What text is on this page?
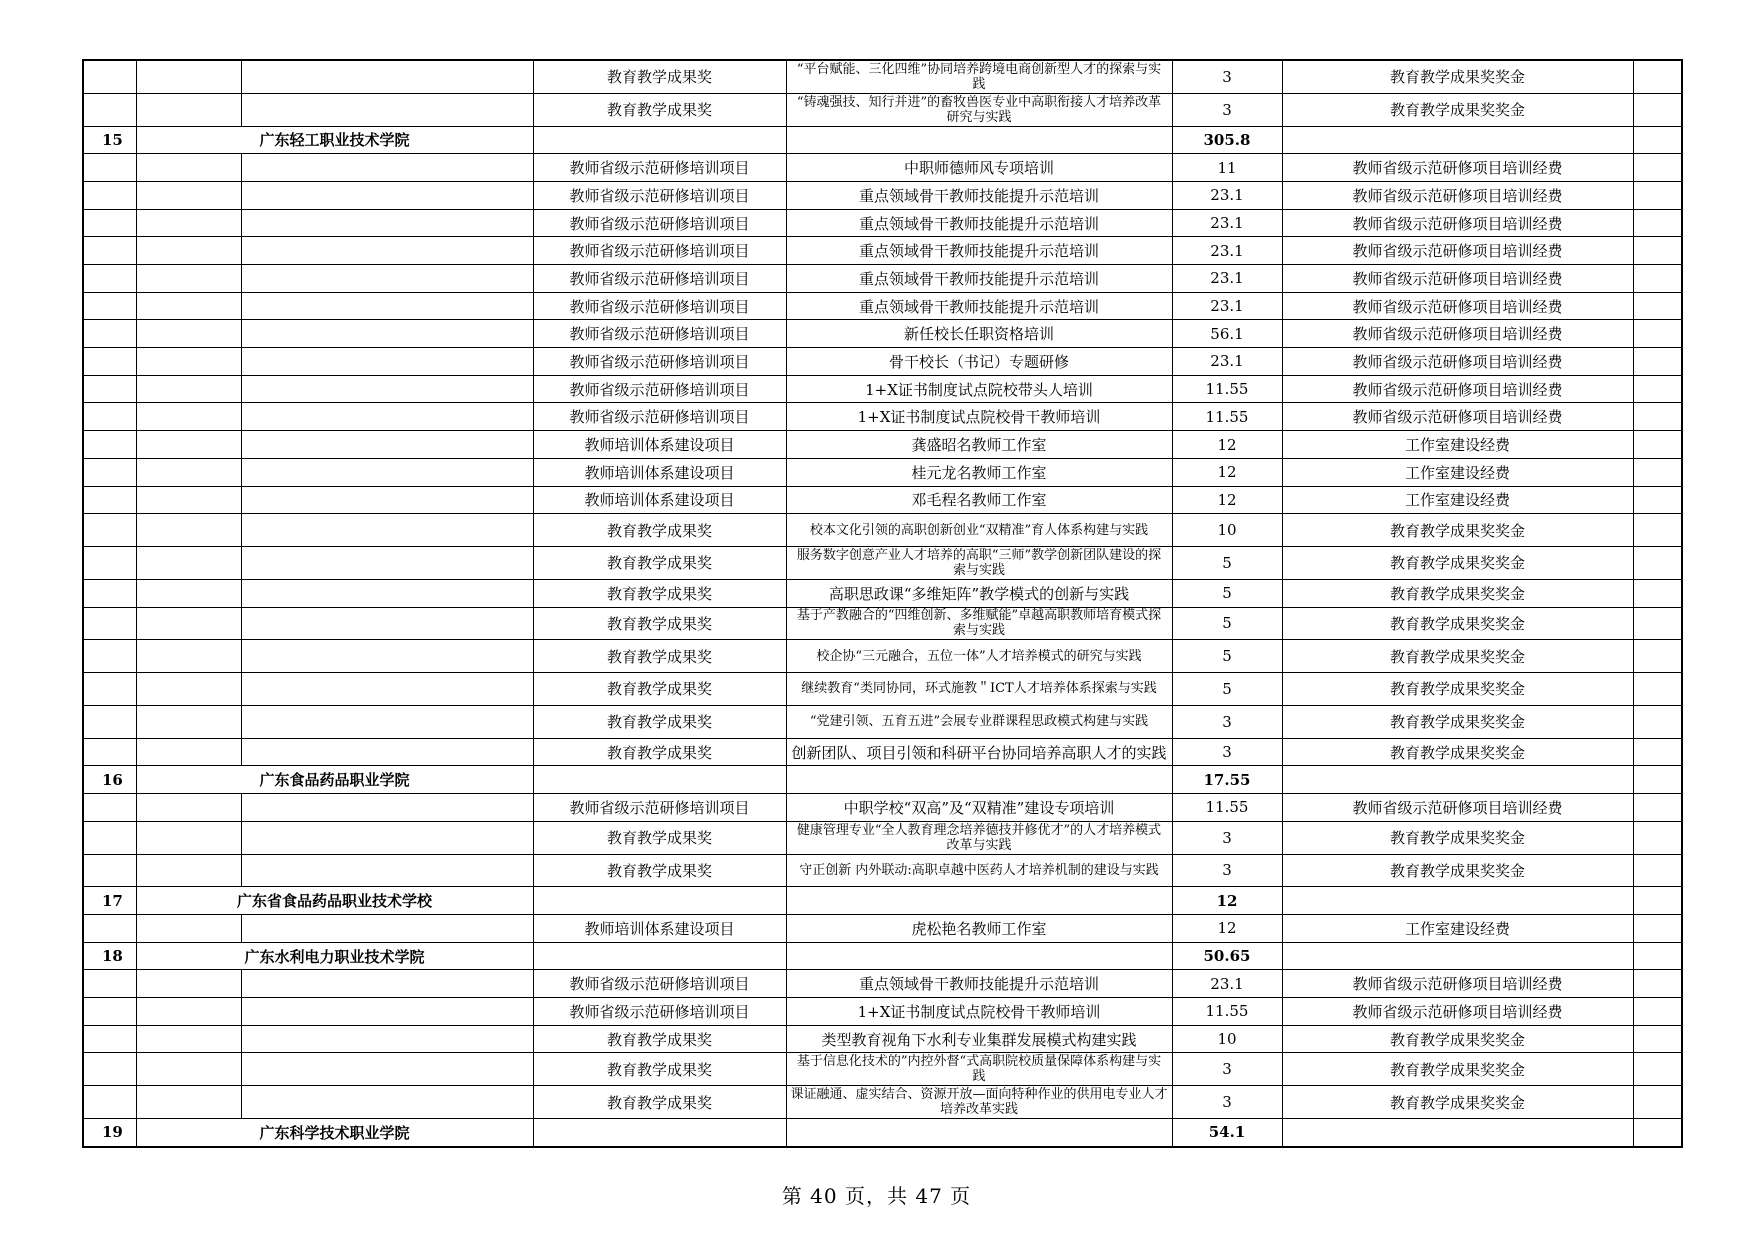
			教育教学成果奖	“平台赋能、三化四维”协同培养跨境电商创新型人才的探索与实践	3	教育教学成果奖奖金	
			教育教学成果奖	“铸魂强技、知行并进”的畜牧兽医专业中高职衔接人才培养改革研究与实践	3	教育教学成果奖奖金	
15	广东轻工职业技术学院				305.8		
			教师省级示范研修培训项目	中职师德师风专项培训	11	教师省级示范研修项目培训经费	
			教师省级示范研修培训项目	重点领域骨干教师技能提升示范培训	23.1	教师省级示范研修项目培训经费	
			教师省级示范研修培训项目	重点领域骨干教师技能提升示范培训	23.1	教师省级示范研修项目培训经费	
			教师省级示范研修培训项目	重点领域骨干教师技能提升示范培训	23.1	教师省级示范研修项目培训经费	
			教师省级示范研修培训项目	重点领域骨干教师技能提升示范培训	23.1	教师省级示范研修项目培训经费	
			教师省级示范研修培训项目	重点领域骨干教师技能提升示范培训	23.1	教师省级示范研修项目培训经费	
			教师省级示范研修培训项目	新任校长任职资格培训	56.1	教师省级示范研修项目培训经费	
			教师省级示范研修培训项目	骨干校长（书记）专题研修	23.1	教师省级示范研修项目培训经费	
			教师省级示范研修培训项目	1+X证书制度试点院校带头人培训	11.55	教师省级示范研修项目培训经费	
			教师省级示范研修培训项目	1+X证书制度试点院校骨干教师培训	11.55	教师省级示范研修项目培训经费	
			教师培训体系建设项目	龚盛昭名教师工作室	12	工作室建设经费	
			教师培训体系建设项目	桂元龙名教师工作室	12	工作室建设经费	
			教师培训体系建设项目	邓毛程名教师工作室	12	工作室建设经费	
			教育教学成果奖	校本文化引领的高职创新创业“双精准”育人体系构建与实践	10	教育教学成果奖奖金	
			教育教学成果奖	服务数字创意产业人才培养的高职“三师”教学创新团队建设的探索与实践	5	教育教学成果奖奖金	
			教育教学成果奖	高职思政课“多维矩阵”教学模式的创新与实践	5	教育教学成果奖奖金	
			教育教学成果奖	基于产教融合的“四维创新、多维赋能”卓越高职教师培育模式探索与实践	5	教育教学成果奖奖金	
			教育教学成果奖	校企协“三元融合，五位一体”人才培养模式的研究与实践	5	教育教学成果奖奖金	
			教育教学成果奖	继续教育“类同协同，环式施教＂ICT人才培养体系探索与实践	5	教育教学成果奖奖金	
			教育教学成果奖	“党建引领、五育五进”会展专业群课程思政模式构建与实践	3	教育教学成果奖奖金	
			教育教学成果奖	创新团队、项目引领和科研平台协同培养高职人才的实践	3	教育教学成果奖奖金	
16	广东食品药品职业学院				17.55		
			教师省级示范研修培训项目	中职学校“双高”及“双精准”建设专项培训	11.55	教师省级示范研修项目培训经费	
			教育教学成果奖	健康管理专业“全人教育理念培养德技并修优才”的人才培养模式改革与实践	3	教育教学成果奖奖金	
			教育教学成果奖	守正创新 内外联动:高职卓越中医药人才培养机制的建设与实践	3	教育教学成果奖奖金	
17	广东省食品药品职业技术学校				12		
			教师培训体系建设项目	虎松艳名教师工作室	12	工作室建设经费	
18	广东水利电力职业技术学院				50.65		
			教师省级示范研修培训项目	重点领域骨干教师技能提升示范培训	23.1	教师省级示范研修项目培训经费	
			教师省级示范研修培训项目	1+X证书制度试点院校骨干教师培训	11.55	教师省级示范研修项目培训经费	
			教育教学成果奖	类型教育视角下水利专业集群发展模式构建实践	10	教育教学成果奖奖金	
			教育教学成果奖	基于信息化技术的”内控外督“式高职院校质量保障体系构建与实践	3	教育教学成果奖奖金	
			教育教学成果奖	课证融通、虚实结合、资源开放—面向特种作业的供用电专业人才培养改革实践	3	教育教学成果奖奖金	
19	广东科学技术职业学院				54.1		
第 40 页，共 47 页
